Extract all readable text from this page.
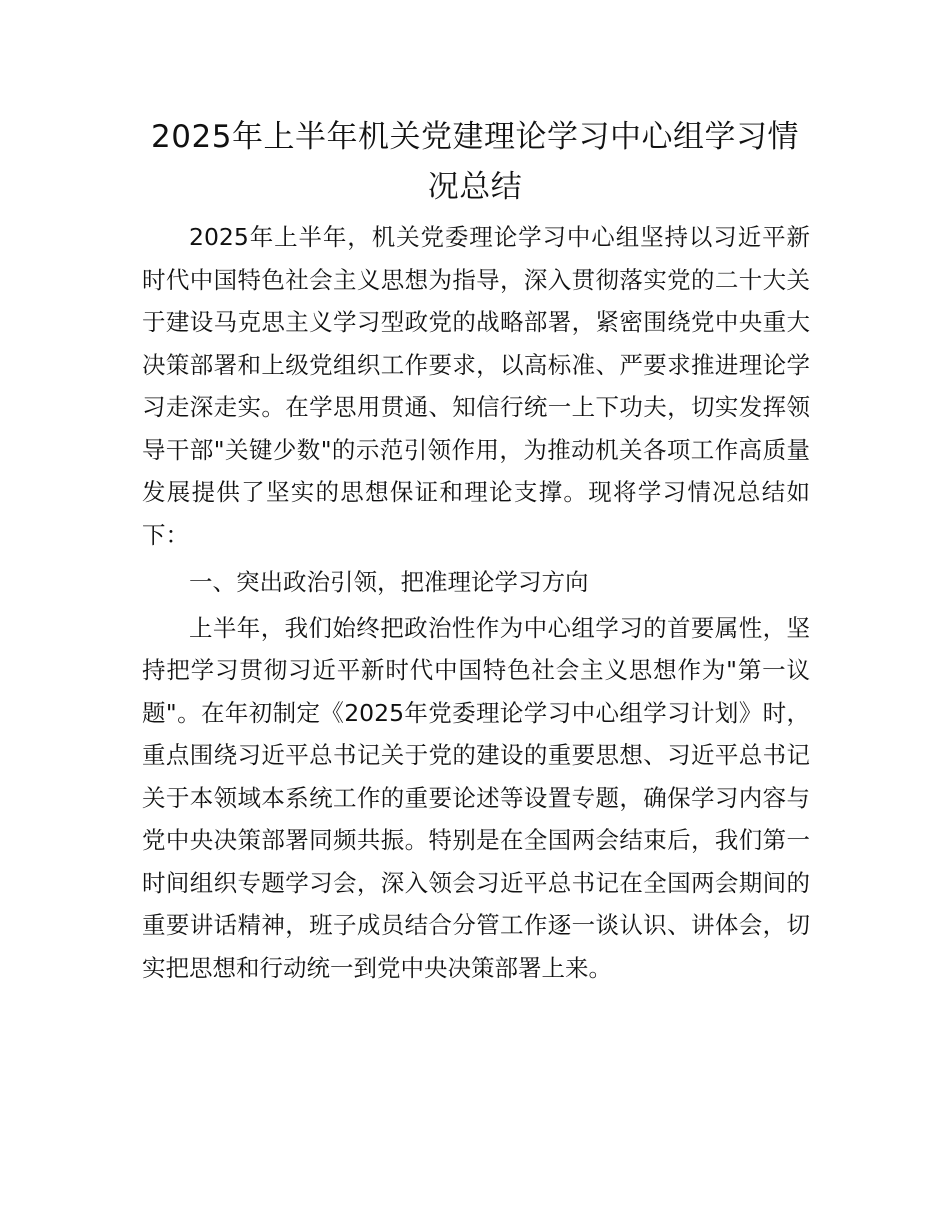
2025年上半年机关党建理论学习中心组学习情况总结

2025年上半年，机关党委理论学习中心组坚持以习近平新时代中国特色社会主义思想为指导，深入贯彻落实党的二十大关于建设马克思主义学习型政党的战略部署，紧密围绕党中央重大决策部署和上级党组织工作要求，以高标准、严要求推进理论学习走深走实。在学思用贯通、知信行统一上下功夫，切实发挥领导干部"关键少数"的示范引领作用，为推动机关各项工作高质量发展提供了坚实的思想保证和理论支撑。现将学习情况总结如下：

一、突出政治引领，把准理论学习方向

上半年，我们始终把政治性作为中心组学习的首要属性，坚持把学习贯彻习近平新时代中国特色社会主义思想作为"第一议题"。在年初制定《2025年党委理论学习中心组学习计划》时，重点围绕习近平总书记关于党的建设的重要思想、习近平总书记关于本领域本系统工作的重要论述等设置专题，确保学习内容与党中央决策部署同频共振。特别是在全国两会结束后，我们第一时间组织专题学习会，深入领会习近平总书记在全国两会期间的重要讲话精神，班子成员结合分管工作逐一谈认识、讲体会，切实把思想和行动统一到党中央决策部署上来。
